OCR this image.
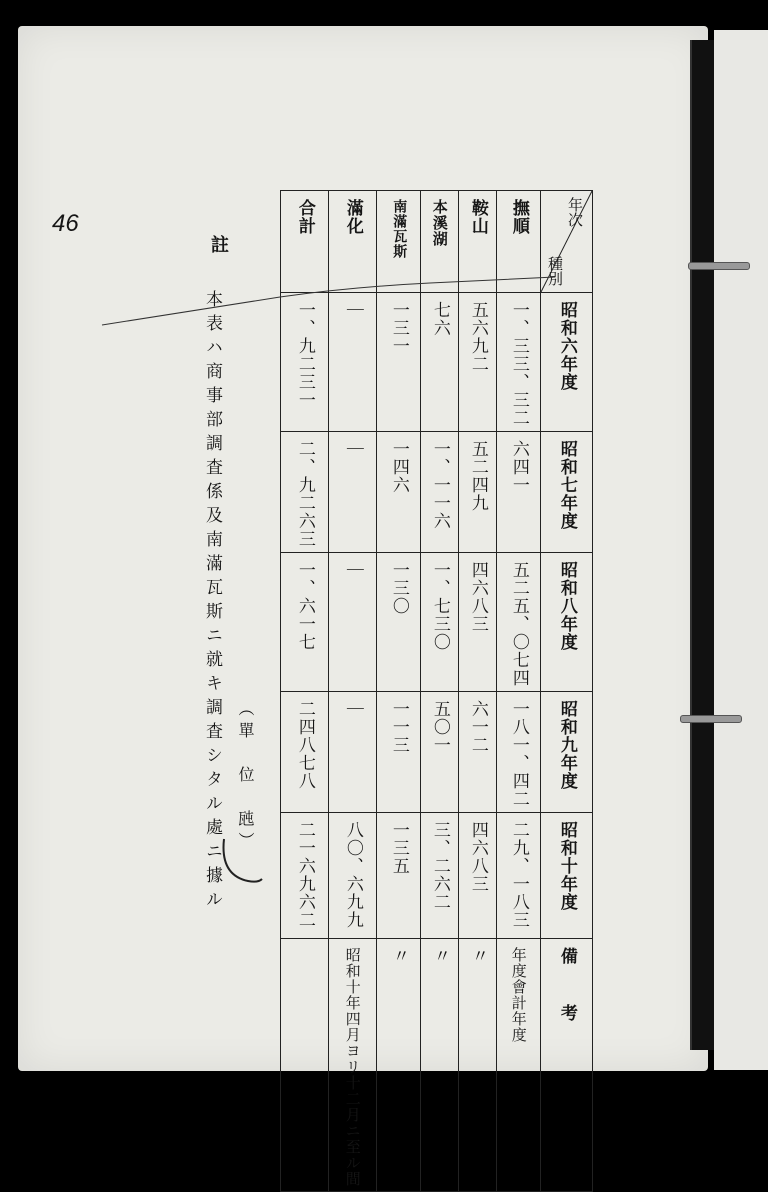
46	合計	滿化	南滿瓦斯	本溪湖	鞍山	撫順	年次
種別

一、九二三一	｜	一三一	七六	五六九二	一、三三、三二	昭和六年度
二、九二六三	｜	一四六	一、一一六	五二四九	六四一	昭和七年度
一、六一七	｜	一三〇	一、七三〇	四六八三	五二五、〇七四	昭和八年度
二四八七八	｜	一一三	五〇一	六一二	一八一、四二	昭和九年度
二一六九六二	八〇、六九九	一三五	三、二六二	四六八三	二九、一八三	昭和十年度
	昭和十年四月ヨリ十二月ニ至ル間	〃	〃	〃	年度會計年度	備考
（單　位　瓲）
註
本表ハ商事部調査係及南滿瓦斯ニ就キ調査シタル處ニ據ル
